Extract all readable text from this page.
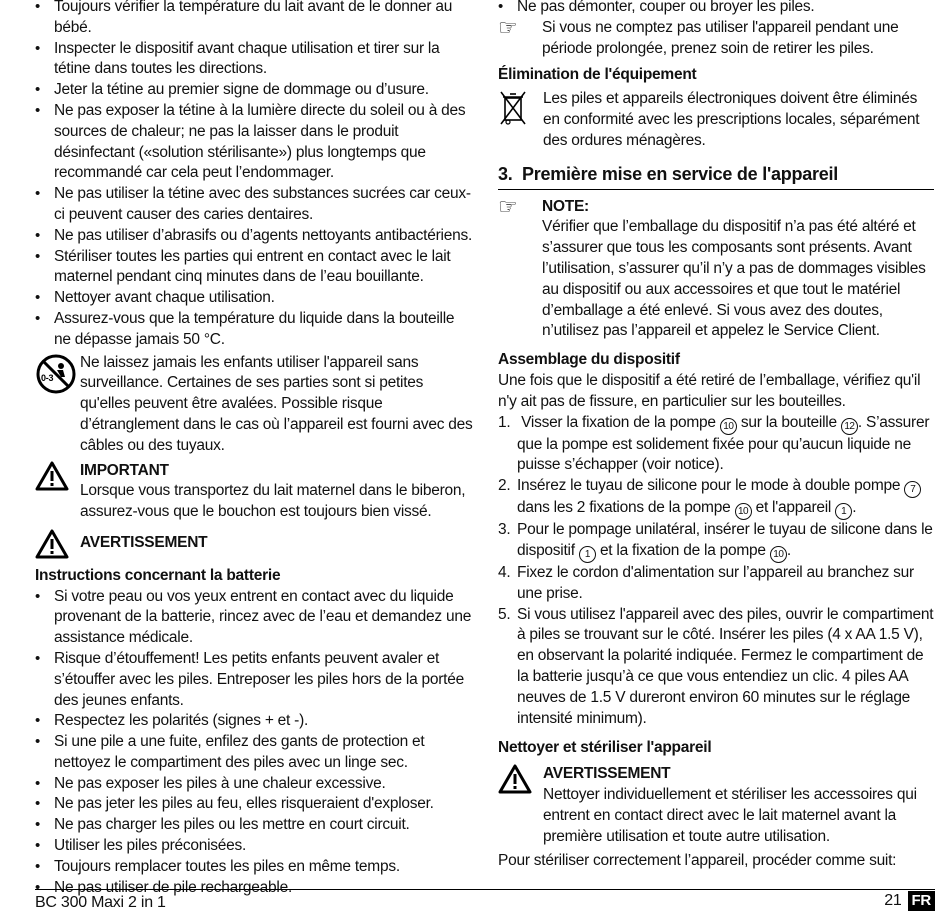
• Toujours vérifier la température du lait avant de le donner au bébé.
• Inspecter le dispositif avant chaque utilisation et tirer sur la tétine dans toutes les directions.
• Jeter la tétine au premier signe de dommage ou d’usure.
• Ne pas exposer la tétine à la lumière directe du soleil ou à des sources de chaleur; ne pas la laisser dans le produit désinfectant («solution stérilisante») plus longtemps que recommandé car cela peut l’endommager.
• Ne pas utiliser la tétine avec des substances sucrées car ceux-ci peuvent causer des caries dentaires.
• Ne pas utiliser d’abrasifs ou d’agents nettoyants antibactériens.
• Stériliser toutes les parties qui entrent en contact avec le lait maternel pendant cinq minutes dans de l’eau bouillante.
• Nettoyer avant chaque utilisation.
• Assurez-vous que la température du liquide dans la bouteille ne dépasse jamais 50 °C.
0-3
Ne laissez jamais les enfants utiliser l'appareil sans surveillance. Certaines de ses parties sont si petites qu'elles peuvent être avalées. Possible risque d’étranglement dans le cas où l’appareil est fourni avec des câbles ou des tuyaux.
IMPORTANT
Lorsque vous transportez du lait maternel dans le biberon, assurez-vous que le bouchon est toujours bien vissé.
AVERTISSEMENT
Instructions concernant la batterie
• Si votre peau ou vos yeux entrent en contact avec du liquide provenant de la batterie, rincez avec de l’eau et demandez une assistance médicale.
• Risque d’étouffement! Les petits enfants peuvent avaler et s’étouffer avec les piles. Entreposer les piles hors de la portée des jeunes enfants.
• Respectez les polarités (signes + et -).
• Si une pile a une fuite, enfilez des gants de protection et nettoyez le compartiment des piles avec un linge sec.
• Ne pas exposer les piles à une chaleur excessive.
• Ne pas jeter les piles au feu, elles risqueraient d'exploser.
• Ne pas charger les piles ou les mettre en court circuit.
• Utiliser les piles préconisées.
• Toujours remplacer toutes les piles en même temps.
• Ne pas utiliser de pile rechargeable.
• Ne pas démonter, couper ou broyer les piles.
☞	Si vous ne comptez pas utiliser l'appareil pendant une période prolongée, prenez soin de retirer les piles.
Élimination de l'équipement
Les piles et appareils électroniques doivent être éliminés en conformité avec les prescriptions locales, séparément des ordures ménagères.
3. Première mise en service de l'appareil
☞	NOTE:
Vérifier que l’emballage du dispositif n’a pas été altéré et s’assurer que tous les composants sont présents. Avant l’utilisation, s’assurer qu’il n’y a pas de dommages visibles au dispositif ou aux accessoires et que tout le matériel d’emballage a été enlevé. Si vous avez des doutes, n’utilisez pas l’appareil et appelez le Service Client.
Assemblage du dispositif
Une fois que le dispositif a été retiré de l’emballage, vérifiez qu'il n'y ait pas de fissure, en particulier sur les bouteilles.
1. Visser la fixation de la pompe 10 sur la bouteille 12 . S’assurer que la pompe est solidement fixée pour qu’aucun liquide ne puisse s’échapper (voir notice).
2. Insérez le tuyau de silicone pour le mode à double pompe 7 dans les 2 fixations de la pompe 10 et l'appareil 1 .
3. Pour le pompage unilatéral, insérer le tuyau de silicone dans le dispositif 1 et la fixation de la pompe 10 .
4. Fixez le cordon d'alimentation sur l’appareil au branchez sur une prise.
5. Si vous utilisez l'appareil avec des piles, ouvrir le compartiment à piles se trouvant sur le côté. Insérer les piles (4 x AA 1.5 V), en observant la polarité indiquée. Fermez le compartiment de la batterie jusqu’à ce que vous entendiez un clic. 4 piles AA neuves de 1.5 V dureront environ 60 minutes sur le réglage intensité minimum).
Nettoyer et stériliser l'appareil
AVERTISSEMENT
Nettoyer individuellement et stériliser les accessoires qui entrent en contact direct avec le lait maternel avant la première utilisation et toute autre utilisation.
Pour stériliser correctement l’appareil, procéder comme suit:
BC 300 Maxi 2 in 1	21 FR
